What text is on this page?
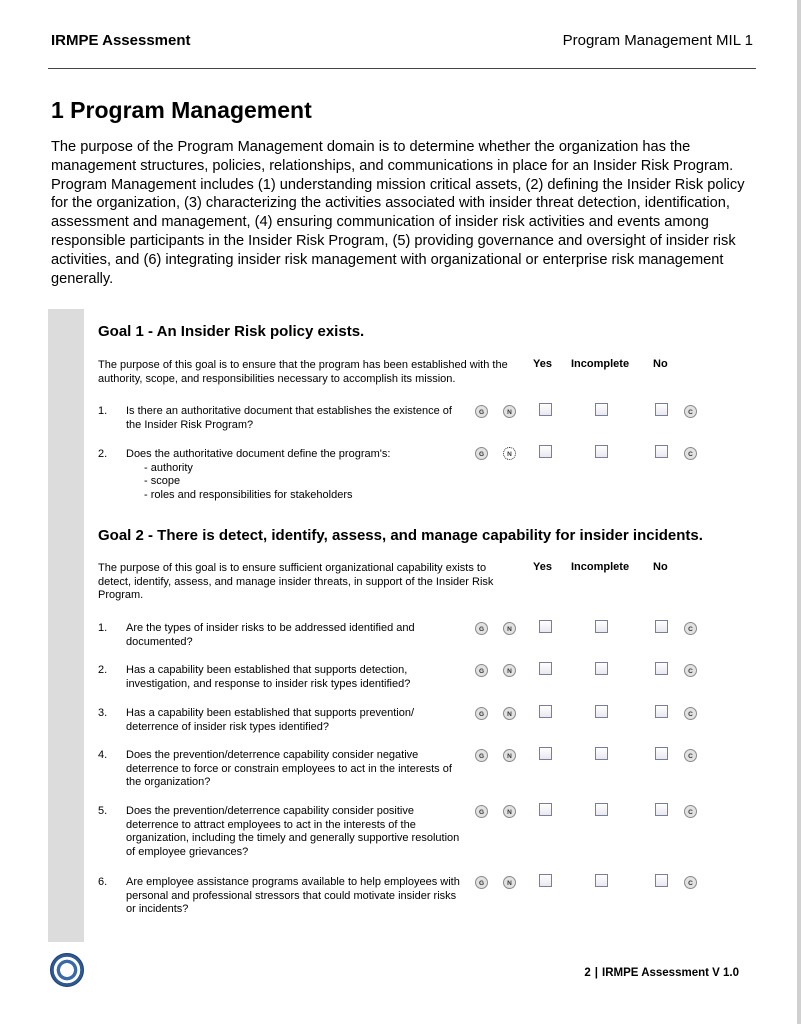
IRMPE Assessment	Program Management MIL 1
1 Program Management
The purpose of the Program Management domain is to determine whether the organization has the management structures, policies, relationships, and communications in place for an Insider Risk Program. Program Management includes (1) understanding mission critical assets, (2) defining the Insider Risk policy for the organization, (3) characterizing the activities associated with insider threat detection, identification, assessment and management, (4) ensuring communication of insider risk activities and events among responsible participants in the Insider Risk Program, (5) providing governance and oversight of insider risk activities, and (6) integrating insider risk management with organizational or enterprise risk management generally.
Goal 1 - An Insider Risk policy exists.
The purpose of this goal is to ensure that the program has been established with the authority, scope, and responsibilities necessary to accomplish its mission.
Yes Incomplete No
1. Is there an authoritative document that establishes the existence of the Insider Risk Program?
G	N	C
2. Does the authoritative document define the program's:
- authority
- scope
- roles and responsibilities for stakeholders
G	N	C
Goal 2 - There is detect, identify, assess, and manage capability for insider incidents.
The purpose of this goal is to ensure sufficient organizational capability exists to detect, identify, assess, and manage insider threats, in support of the Insider Risk Program.
Yes Incomplete No
1. Are the types of insider risks to be addressed identified and documented?
G	N	C
2. Has a capability been established that supports detection, investigation, and response to insider risk types identified?
G	N	C
3. Has a capability been established that supports prevention/ deterrence of insider risk types identified?
G	N	C
4. Does the prevention/deterrence capability consider negative deterrence to force or constrain employees to act in the interests of the organization?
G	N	C
5. Does the prevention/deterrence capability consider positive deterrence to attract employees to act in the interests of the organization, including the timely and generally supportive resolution of employee grievances?
G	N	C
6. Are employee assistance programs available to help employees with personal and professional stressors that could motivate insider risks or incidents?
G	N	C
2 | IRMPE Assessment V 1.0
